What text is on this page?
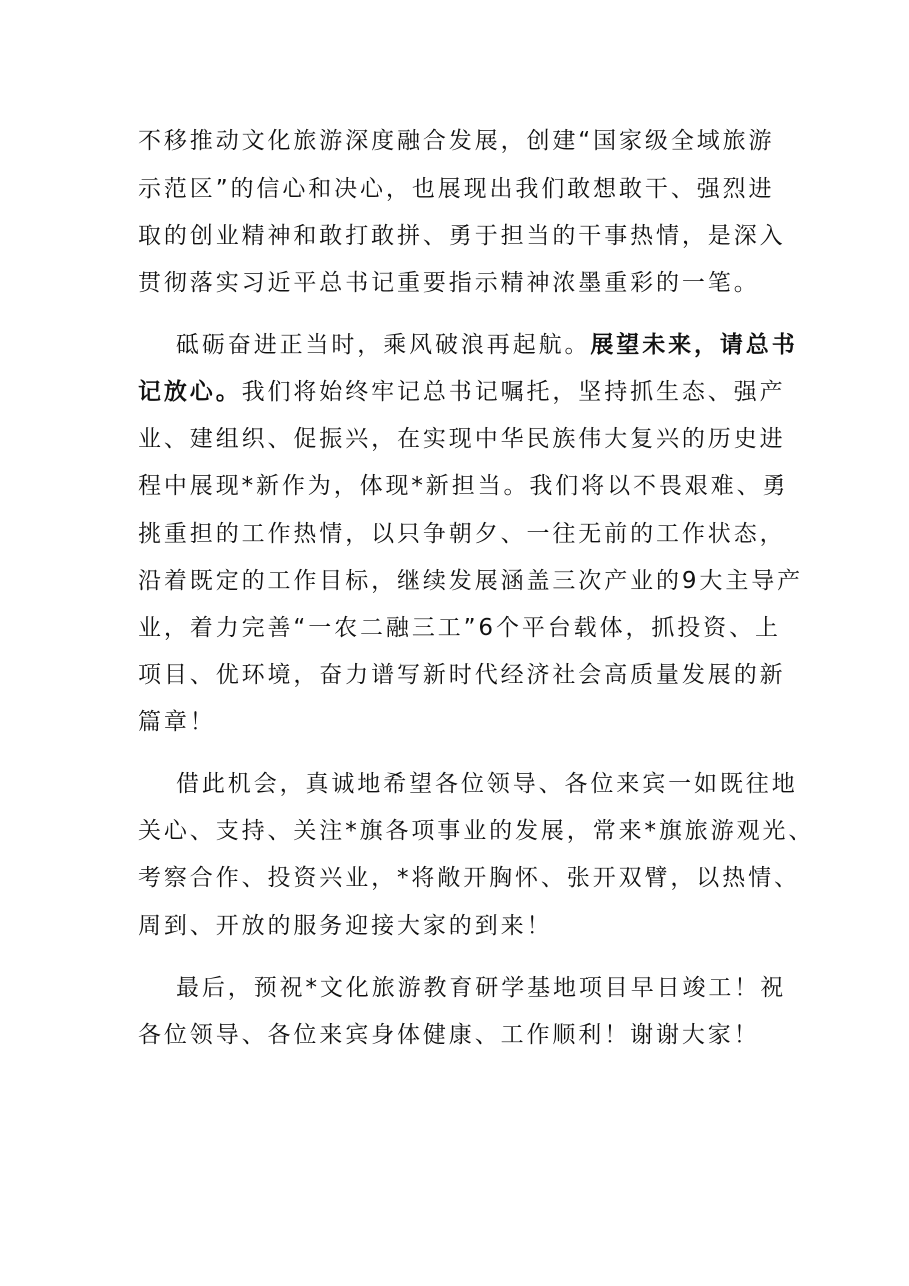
不移推动文化旅游深度融合发展，创建“国家级全域旅游
示范区”的信心和决心，也展现出我们敢想敢干、强烈进
取的创业精神和敢打敢拼、勇于担当的干事热情，是深入
贯彻落实习近平总书记重要指示精神浓墨重彩的一笔。
砥砺奋进正当时，乘风破浪再起航。展望未来，请总书
记放心。我们将始终牢记总书记嘱托，坚持抓生态、强产
业、建组织、促振兴，在实现中华民族伟大复兴的历史进
程中展现*新作为，体现*新担当。我们将以不畏艰难、勇
挑重担的工作热情，以只争朝夕、一往无前的工作状态，
沿着既定的工作目标，继续发展涵盖三次产业的9大主导产
业，着力完善“一农二融三工”6个平台载体，抓投资、上
项目、优环境，奋力谱写新时代经济社会高质量发展的新
篇章！
借此机会，真诚地希望各位领导、各位来宾一如既往地
关心、支持、关注*旗各项事业的发展，常来*旗旅游观光、
考察合作、投资兴业，*将敞开胸怀、张开双臂，以热情、
周到、开放的服务迎接大家的到来！
最后，预祝*文化旅游教育研学基地项目早日竣工！祝
各位领导、各位来宾身体健康、工作顺利！谢谢大家！
